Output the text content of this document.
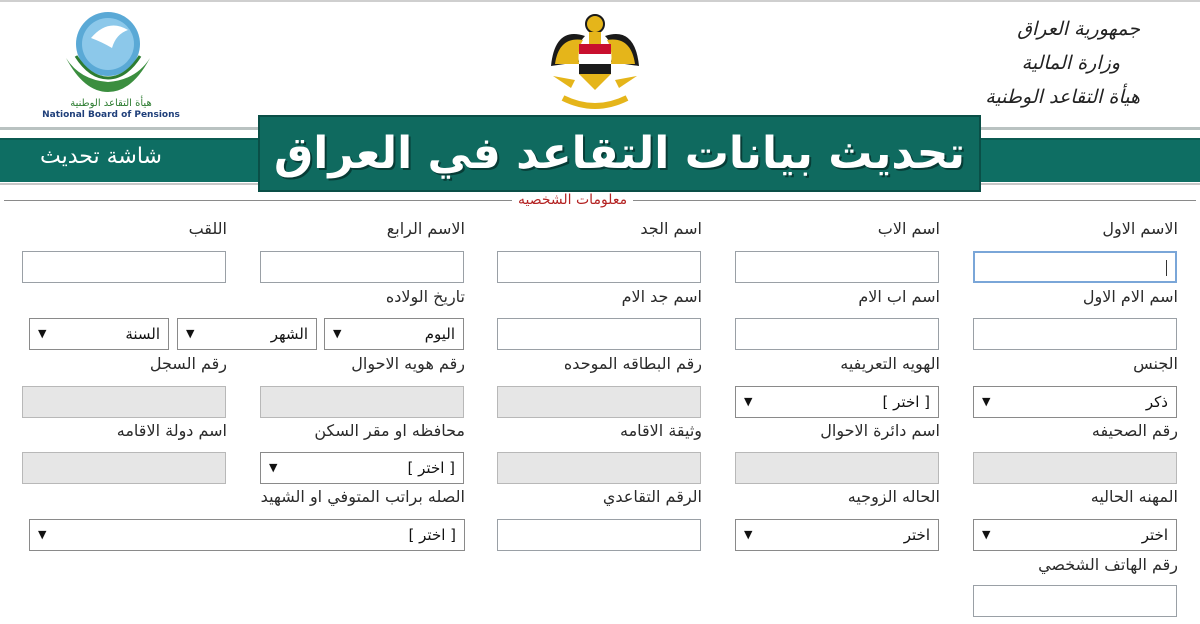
هيأة التقاعد الوطنية
National Board of Pensions
جمهورية العراق
وزارة المالية
هيأة التقاعد الوطنية
شاشة تحديث	تحديث بيانات التقاعد في العراق
معلومات الشخصيه
الاسم الاول
اسم الاب
اسم الجد
الاسم الرابع
اللقب
اسم الام الاول
اسم اب الام
اسم جد الام
تاريخ الولاده
اليوم
▼
الشهر
▼
السنة
▼
الجنس
الهويه التعريفيه
رقم البطاقه الموحده
رقم هويه الاحوال
رقم السجل
ذكر
▼
[ اختر ]
▼
رقم الصحيفه
اسم دائرة الاحوال
وثيقة الاقامه
محافظه او مقر السكن
اسم دولة الاقامه
[ اختر ]
▼
المهنه الحاليه
الحاله الزوجيه
الرقم التقاعدي
الصله براتب المتوفي او الشهيد
اختر
▼
اختر
▼
[ اختر ]
▼
رقم الهاتف الشخصي
